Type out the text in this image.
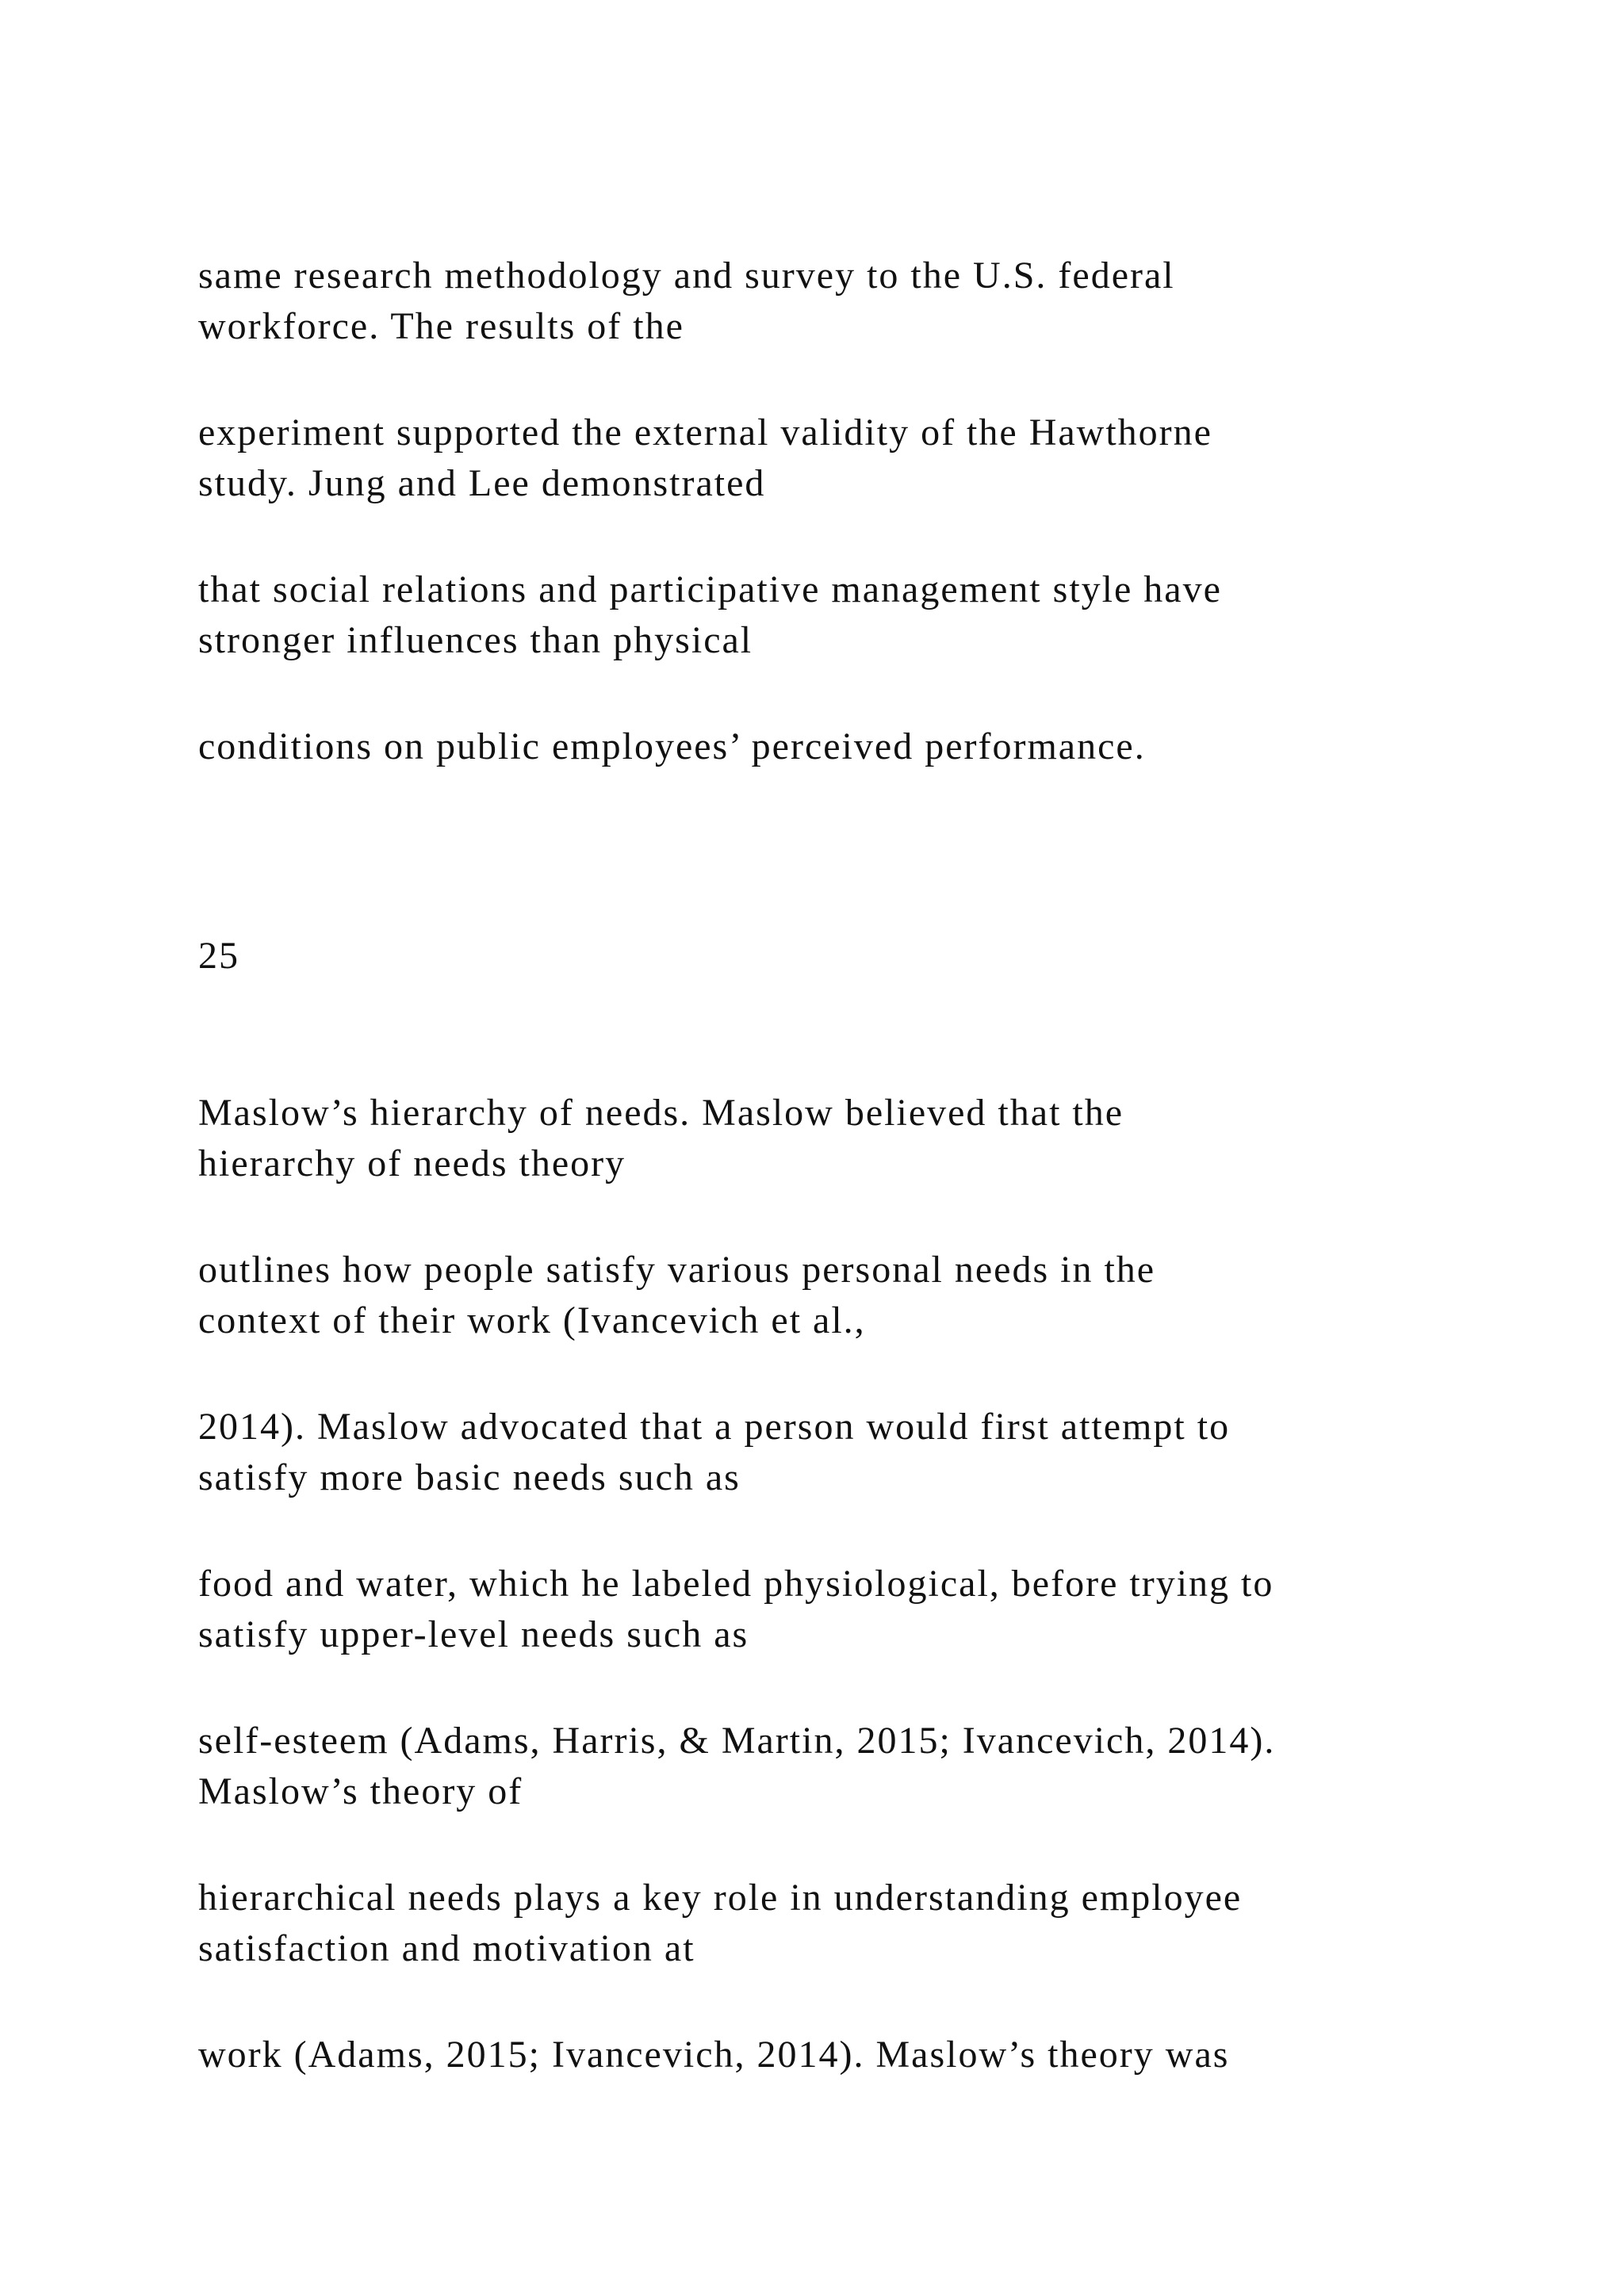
same research methodology and survey to the U.S. federal
workforce. The results of the

experiment supported the external validity of the Hawthorne
study. Jung and Lee demonstrated

that social relations and participative management style have
stronger influences than physical

conditions on public employees’ perceived performance.

25

Maslow’s hierarchy of needs. Maslow believed that the
hierarchy of needs theory

outlines how people satisfy various personal needs in the
context of their work (Ivancevich et al.,

2014). Maslow advocated that a person would first attempt to
satisfy more basic needs such as

food and water, which he labeled physiological, before trying to
satisfy upper-level needs such as

self-esteem (Adams, Harris, & Martin, 2015; Ivancevich, 2014).
Maslow’s theory of

hierarchical needs plays a key role in understanding employee
satisfaction and motivation at

work (Adams, 2015; Ivancevich, 2014). Maslow’s theory was
